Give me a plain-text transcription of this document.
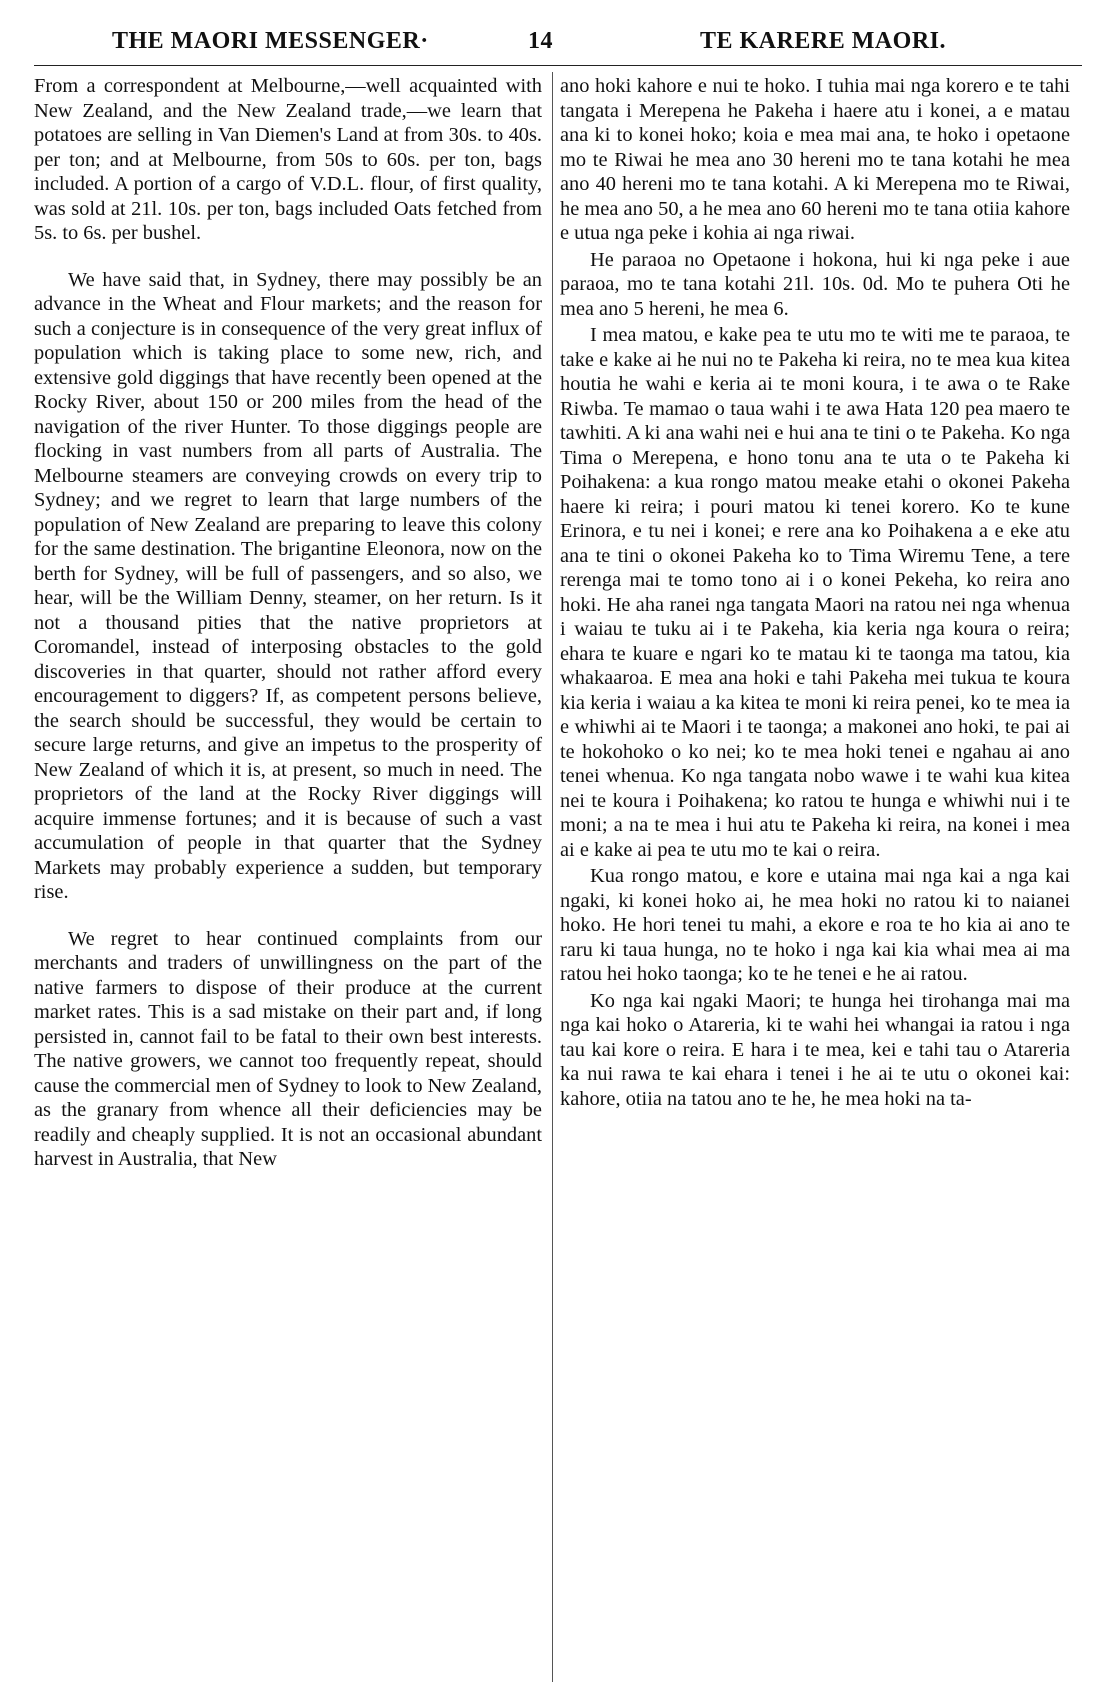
THE MAORI MESSENGER·	14	TE KARERE MAORI.

From a correspondent at Melbourne,—well acquainted with New Zealand, and the New Zealand trade,—we learn that potatoes are selling in Van Diemen's Land at from 30s. to 40s. per ton; and at Melbourne, from 50s to 60s. per ton, bags included. A portion of a cargo of V.D.L. flour, of first quality, was sold at 21l. 10s. per ton, bags included Oats fetched from 5s. to 6s. per bushel.

We have said that, in Sydney, there may possibly be an advance in the Wheat and Flour markets; and the reason for such a conjecture is in consequence of the very great influx of population which is taking place to some new, rich, and extensive gold diggings that have recently been opened at the Rocky River, about 150 or 200 miles from the head of the navigation of the river Hunter. To those diggings people are flocking in vast numbers from all parts of Australia. The Melbourne steamers are conveying crowds on every trip to Sydney; and we regret to learn that large numbers of the population of New Zealand are preparing to leave this colony for the same destination. The brigantine Eleonora, now on the berth for Sydney, will be full of passengers, and so also, we hear, will be the William Denny, steamer, on her return. Is it not a thousand pities that the native proprietors at Coromandel, instead of interposing obstacles to the gold discoveries in that quarter, should not rather afford every encouragement to diggers? If, as competent persons believe, the search should be successful, they would be certain to secure large returns, and give an impetus to the prosperity of New Zealand of which it is, at present, so much in need. The proprietors of the land at the Rocky River diggings will acquire immense fortunes; and it is because of such a vast accumulation of people in that quarter that the Sydney Markets may probably experience a sudden, but temporary rise.

We regret to hear continued complaints from our merchants and traders of unwillingness on the part of the native farmers to dispose of their produce at the current market rates. This is a sad mistake on their part and, if long persisted in, cannot fail to be fatal to their own best interests. The native growers, we cannot too frequently repeat, should cause the commercial men of Sydney to look to New Zealand, as the granary from whence all their deficiencies may be readily and cheaply supplied. It is not an occasional abundant harvest in Australia, that New

ano hoki kahore e nui te hoko. I tuhia mai nga korero e te tahi tangata i Merepena he Pakeha i haere atu i konei, a e matau ana ki to konei hoko; koia e mea mai ana, te hoko i opetaone mo te Riwai he mea ano 30 hereni mo te tana kotahi he mea ano 40 hereni mo te tana kotahi. A ki Merepena mo te Riwai, he mea ano 50, a he mea ano 60 hereni mo te tana otiia kahore e utua nga peke i kohia ai nga riwai.

He paraoa no Opetaone i hokona, hui ki nga peke i aue paraoa, mo te tana kotahi 21l. 10s. 0d. Mo te puhera Oti he mea ano 5 hereni, he mea 6.

I mea matou, e kake pea te utu mo te witi me te paraoa, te take e kake ai he nui no te Pakeha ki reira, no te mea kua kitea houtia he wahi e keria ai te moni koura, i te awa o te Rake Riwba. Te mamao o taua wahi i te awa Hata 120 pea maero te tawhiti. A ki ana wahi nei e hui ana te tini o te Pakeha. Ko nga Tima o Merepena, e hono tonu ana te uta o te Pakeha ki Poihakena: a kua rongo matou meake etahi o okonei Pakeha haere ki reira; i pouri matou ki tenei korero. Ko te kune Erinora, e tu nei i konei; e rere ana ko Poihakena a e eke atu ana te tini o okonei Pakeha ko to Tima Wiremu Tene, a tere rerenga mai te tomo tono ai i o konei Pekeha, ko reira ano hoki. He aha ranei nga tangata Maori na ratou nei nga whenua i waiau te tuku ai i te Pakeha, kia keria nga koura o reira; ehara te kuare e ngari ko te matau ki te taonga ma tatou, kia whakaaroa. E mea ana hoki e tahi Pakeha mei tukua te koura kia keria i waiau a ka kitea te moni ki reira penei, ko te mea ia e whiwhi ai te Maori i te taonga; a makonei ano hoki, te pai ai te hokohoko o ko nei; ko te mea hoki tenei e ngahau ai ano tenei whenua. Ko nga tangata nobo wawe i te wahi kua kitea nei te koura i Poihakena; ko ratou te hunga e whiwhi nui i te moni; a na te mea i hui atu te Pakeha ki reira, na konei i mea ai e kake ai pea te utu mo te kai o reira.

Kua rongo matou, e kore e utaina mai nga kai a nga kai ngaki, ki konei hoko ai, he mea hoki no ratou ki to naianei hoko. He hori tenei tu mahi, a ekore e roa te ho kia ai ano te raru ki taua hunga, no te hoko i nga kai kia whai mea ai ma ratou hei hoko taonga; ko te he tenei e he ai ratou.

Ko nga kai ngaki Maori; te hunga hei tirohanga mai ma nga kai hoko o Atareria, ki te wahi hei whangai ia ratou i nga tau kai kore o reira. E hara i te mea, kei e tahi tau o Atareria ka nui rawa te kai ehara i tenei i he ai te utu o okonei kai: kahore, otiia na tatou ano te he, he mea hoki na ta-
